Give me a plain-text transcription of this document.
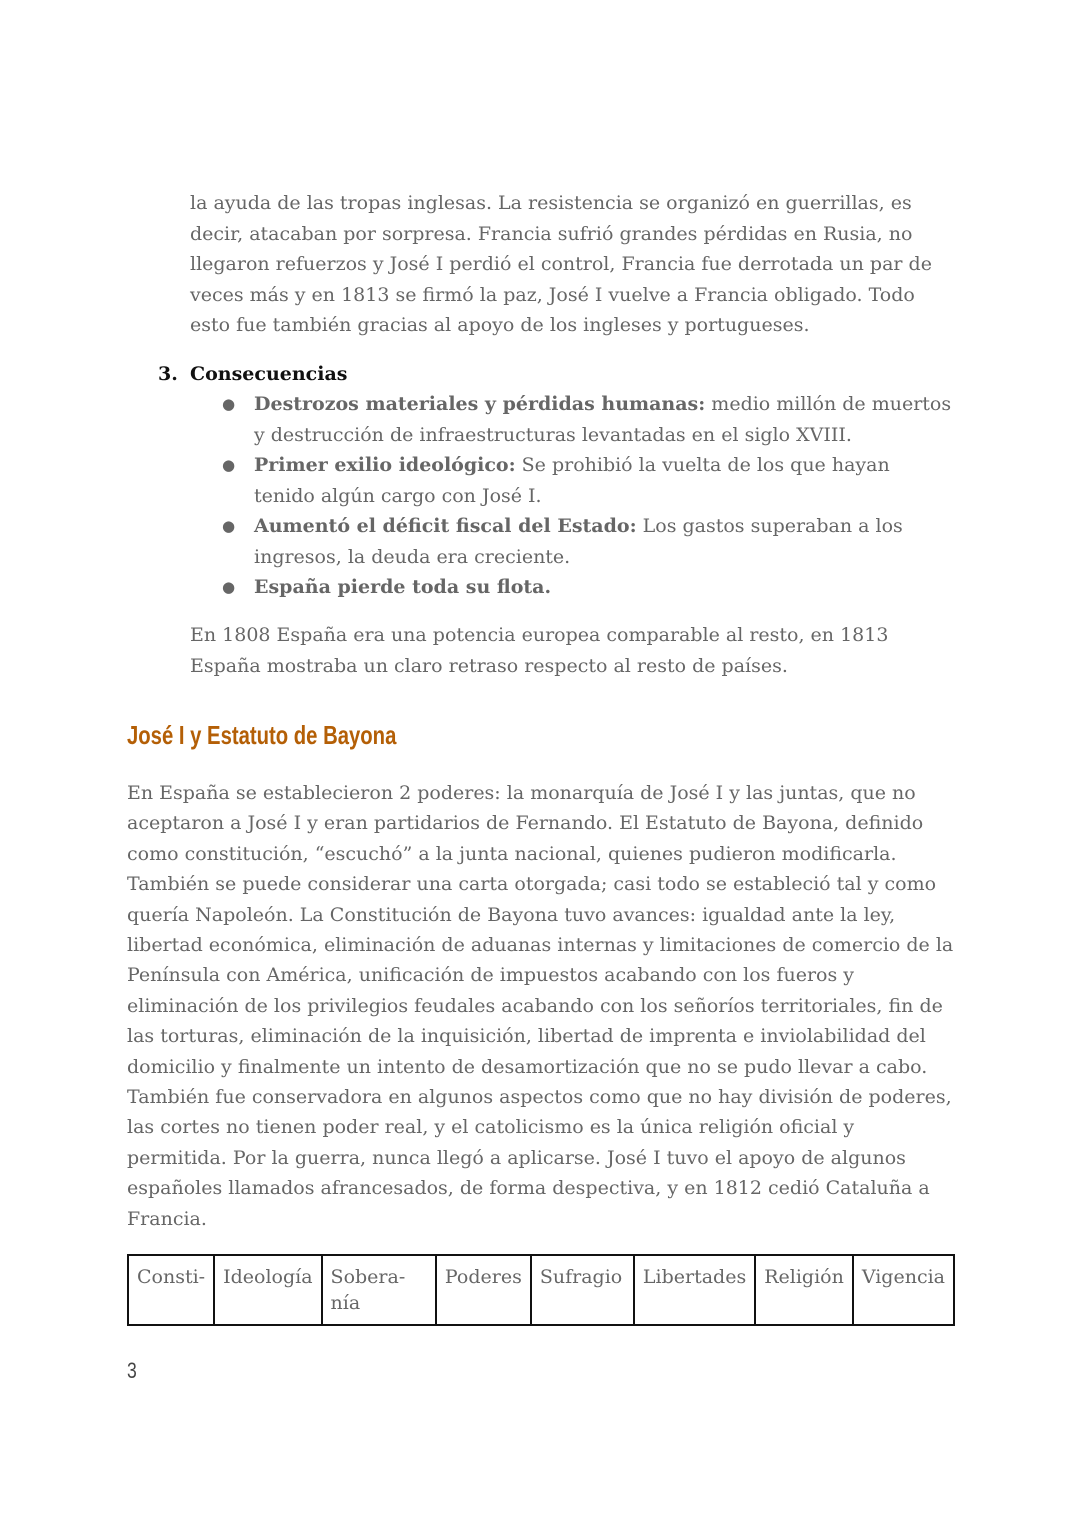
la ayuda de las tropas inglesas. La resistencia se organizó en guerrillas, es decir, atacaban por sorpresa. Francia sufrió grandes pérdidas en Rusia, no llegaron refuerzos y José I perdió el control, Francia fue derrotada un par de veces más y en 1813 se firmó la paz, José I vuelve a Francia obligado. Todo esto fue también gracias al apoyo de los ingleses y portugueses.

3. Consecuencias

● Destrozos materiales y pérdidas humanas: medio millón de muertos y destrucción de infraestructuras levantadas en el siglo XVIII.
● Primer exilio ideológico: Se prohibió la vuelta de los que hayan tenido algún cargo con José I.
● Aumentó el déficit fiscal del Estado: Los gastos superaban a los ingresos, la deuda era creciente.
● España pierde toda su flota.

En 1808 España era una potencia europea comparable al resto, en 1813 España mostraba un claro retraso respecto al resto de países.

José I y Estatuto de Bayona

En España se establecieron 2 poderes: la monarquía de José I y las juntas, que no aceptaron a José I y eran partidarios de Fernando. El Estatuto de Bayona, definido como constitución, “escuchó” a la junta nacional, quienes pudieron modificarla. También se puede considerar una carta otorgada; casi todo se estableció tal y como quería Napoleón. La Constitución de Bayona tuvo avances: igualdad ante la ley, libertad económica, eliminación de aduanas internas y limitaciones de comercio de la Península con América, unificación de impuestos acabando con los fueros y eliminación de los privilegios feudales acabando con los señoríos territoriales, fin de las torturas, eliminación de la inquisición, libertad de imprenta e inviolabilidad del domicilio y finalmente un intento de desamortización que no se pudo llevar a cabo. También fue conservadora en algunos aspectos como que no hay división de poderes, las cortes no tienen poder real, y el catolicismo es la única religión oficial y permitida. Por la guerra, nunca llegó a aplicarse. José I tuvo el apoyo de algunos españoles llamados afrancesados, de forma despectiva, y en 1812 cedió Cataluña a Francia.

Consti-	Ideología	Sobera-nía	Poderes	Sufragio	Libertades	Religión	Vigencia
3
